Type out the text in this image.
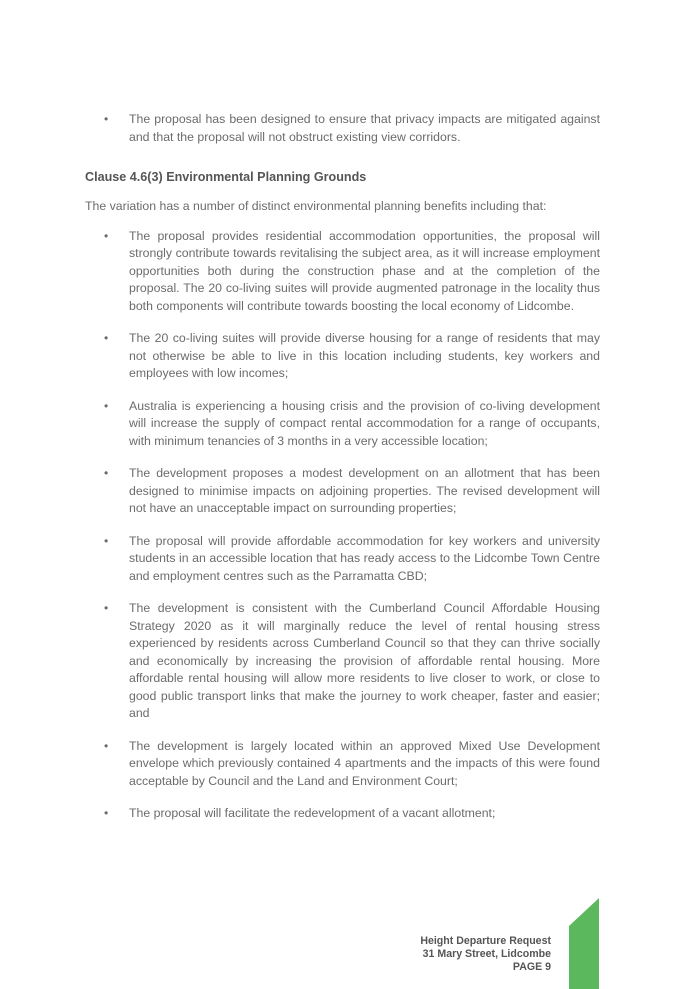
• The proposal has been designed to ensure that privacy impacts are mitigated against and that the proposal will not obstruct existing view corridors.

Clause 4.6(3) Environmental Planning Grounds

The variation has a number of distinct environmental planning benefits including that:

• The proposal provides residential accommodation opportunities, the proposal will strongly contribute towards revitalising the subject area, as it will increase employment opportunities both during the construction phase and at the completion of the proposal. The 20 co-living suites will provide augmented patronage in the locality thus both components will contribute towards boosting the local economy of Lidcombe.
• The 20 co-living suites will provide diverse housing for a range of residents that may not otherwise be able to live in this location including students, key workers and employees with low incomes;
• Australia is experiencing a housing crisis and the provision of co-living development will increase the supply of compact rental accommodation for a range of occupants, with minimum tenancies of 3 months in a very accessible location;
• The development proposes a modest development on an allotment that has been designed to minimise impacts on adjoining properties. The revised development will not have an unacceptable impact on surrounding properties;
• The proposal will provide affordable accommodation for key workers and university students in an accessible location that has ready access to the Lidcombe Town Centre and employment centres such as the Parramatta CBD;
• The development is consistent with the Cumberland Council Affordable Housing Strategy 2020 as it will marginally reduce the level of rental housing stress experienced by residents across Cumberland Council so that they can thrive socially and economically by increasing the provision of affordable rental housing. More affordable rental housing will allow more residents to live closer to work, or close to good public transport links that make the journey to work cheaper, faster and easier; and
• The development is largely located within an approved Mixed Use Development envelope which previously contained 4 apartments and the impacts of this were found acceptable by Council and the Land and Environment Court;
• The proposal will facilitate the redevelopment of a vacant allotment;
Height Departure Request
31 Mary Street, Lidcombe
PAGE 9
